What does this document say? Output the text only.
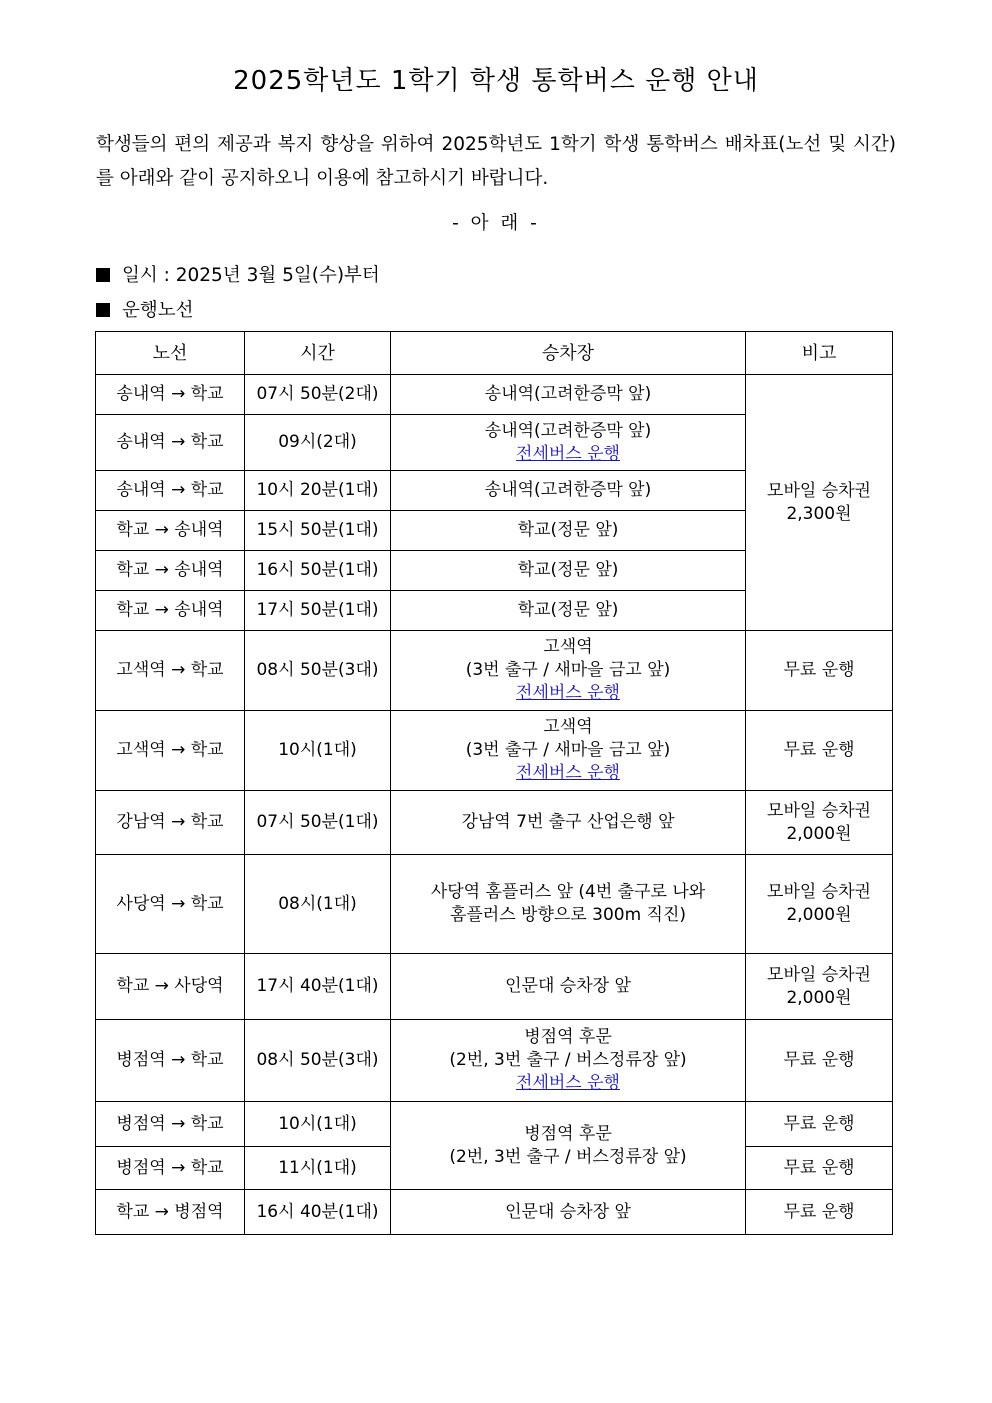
2025학년도 1학기 학생 통학버스 운행 안내
학생들의 편의 제공과 복지 향상을 위하여 2025학년도 1학기 학생 통학버스 배차표(노선 및 시간)를 아래와 같이 공지하오니 이용에 참고하시기 바랍니다.
- 아 래 -
일시 : 2025년 3월 5일(수)부터
운행노선
노선	시간	승차장	비고
송내역 → 학교	07시 50분(2대)	송내역(고려한증막 앞)	모바일 승차권
2,300원

송내역 → 학교	09시(2대)	송내역(고려한증막 앞)
전세버스 운행	

송내역 → 학교	10시 20분(1대)	송내역(고려한증막 앞)	
학교 → 송내역	15시 50분(1대)	학교(정문 앞)	
학교 → 송내역	16시 50분(1대)	학교(정문 앞)	
학교 → 송내역	17시 50분(1대)	학교(정문 앞)	
고색역 → 학교	08시 50분(3대)	고색역
(3번 출구 / 새마을 금고 앞)
전세버스 운행	무료 운행
고색역 → 학교	10시(1대)	고색역
(3번 출구 / 새마을 금고 앞)
전세버스 운행	무료 운행
강남역 → 학교	07시 50분(1대)	강남역 7번 출구 산업은행 앞	모바일 승차권
2,000원

사당역 → 학교	08시(1대)	사당역 홈플러스 앞 (4번 출구로 나와
홈플러스 방향으로 300m 직진)	모바일 승차권
2,000원

학교 → 사당역	17시 40분(1대)	인문대 승차장 앞	모바일 승차권
2,000원

병점역 → 학교	08시 50분(3대)	병점역 후문
(2번, 3번 출구 / 버스정류장 앞)
전세버스 운행	무료 운행
병점역 → 학교	10시(1대)	병점역 후문
(2번, 3번 출구 / 버스정류장 앞)	무료 운행
병점역 → 학교	11시(1대)		무료 운행
학교 → 병점역	16시 40분(1대)	인문대 승차장 앞	무료 운행
